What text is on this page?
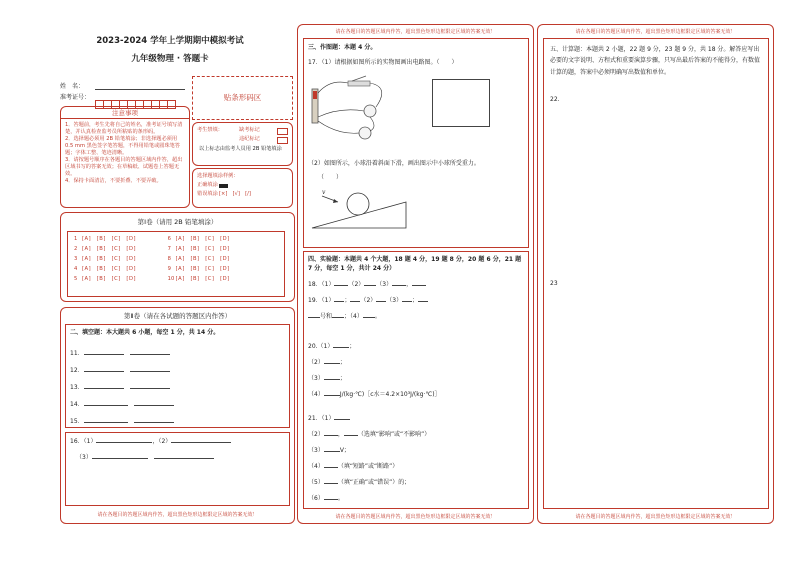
2023-2024 学年上学期期中模拟考试
九年级物理 · 答题卡
姓　名：
准考证号：	贴条形码区
注意事项
1．答题前，考生先将自己的姓名，准考证号填写清楚，并认真检查监考员所粘贴的条形码。
2．选择题必须用 2B 铅笔填涂；非选择题必须用 0.5 mm 黑色签字笔答题，不得用铅笔或圆珠笔答题；字体工整、笔迹清晰。
3．请按题号顺序在各题目的答题区域内作答，超出区域书写的答案无效；在草稿纸、试题卷上答题无效。
4．保持卡面清洁，不要折叠、不要弄破。
考生禁填：	缺考标记
违纪标记
以上标志由监考人员用 2B 铅笔填涂
选择题填涂样例：
正确填涂
错误填涂 [×]　[√]　[/]
第Ⅰ卷（请用 2B 铅笔填涂）
1 [A]　[B]　[C]　[D]	6 [A]　[B]　[C]　[D]
2 [A]　[B]　[C]　[D]	7 [A]　[B]　[C]　[D]
3 [A]　[B]　[C]　[D]	8 [A]　[B]　[C]　[D]
4 [A]　[B]　[C]　[D]	9 [A]　[B]　[C]　[D]
5 [A]　[B]　[C]　[D]	10[A]　[B]　[C]　[D]
第Ⅱ卷（请在各试题的答题区内作答）
二、填空题：本大题共 6 小题，每空 1 分，共 14 分。
11．　
12．　
13．　
14．　
15．　
16．（1）	，（2）
（3）　
请在各题目的答题区域内作答，超出黑色矩形边框限定区域的答案无效！
请在各题目的答题区域内作答，超出黑色矩形边框限定区域的答案无效！
三、作图题：本题 4 分。
17．（1）请根据如图所示的实物图画出电路图。（　　）
（2）如图所示，小球沿着斜面下滑，画出图示中小球所受重力。
（　　）
v
四、实验题：本题共 4 个大题，18 题 4 分，19 题 8 分，20 题 6 分，21 题 7 分，每空 1 分，共计 24 分）
18．（1） （2） （3） ，
19．（1） ； （2） （3） ；
号和 ；（4） 。
20.（1）	；
（2）	；
（3）	；
（4）	J/(kg·℃)［c水＝4.2×10³J/(kg·℃)］
21．（1）
（2） ， （选填“影响”或“不影响”）
（3）	V；
（4） （填“短路”或“断路”）
（5） （填“正确”或“错误”）的；
（6） 。
请在各题目的答题区域内作答，超出黑色矩形边框限定区域的答案无效！
请在各题目的答题区域内作答，超出黑色矩形边框限定区域的答案无效！
五、计算题：本题共 2 小题，22 题 9 分，23 题 9 分，共 18 分。解答应写出必要的文字说明、方程式和重要演算步骤，只写出最后答案的不能得分，有数值计算的题，答案中必须明确写出数值和单位。
22.
23
请在各题目的答题区域内作答，超出黑色矩形边框限定区域的答案无效！
